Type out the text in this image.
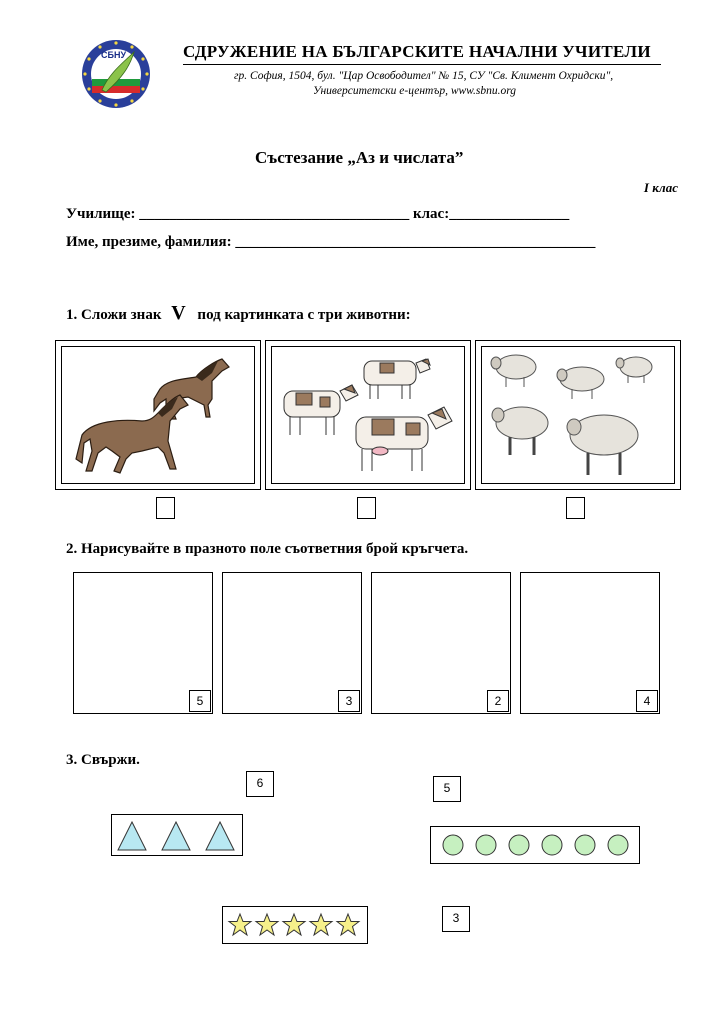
СБНУ	СДРУЖЕНИЕ НА БЪЛГАРСКИТЕ НАЧАЛНИ УЧИТЕЛИ
гр. София, 1504, бул. "Цар Освободител" № 15, СУ "Св. Климент Охридски",
Университетски е-център, www.sbnu.org
Състезание „Аз и числата”
I клас
Училище: ____________________________________ клас:________________
Име, презиме, фамилия: ________________________________________________
1. Сложи знак V под картинката с три животни:
2. Нарисувайте в празното поле съответния брой кръгчета.
5	3	2	4
3. Свържи.
6	5
3
